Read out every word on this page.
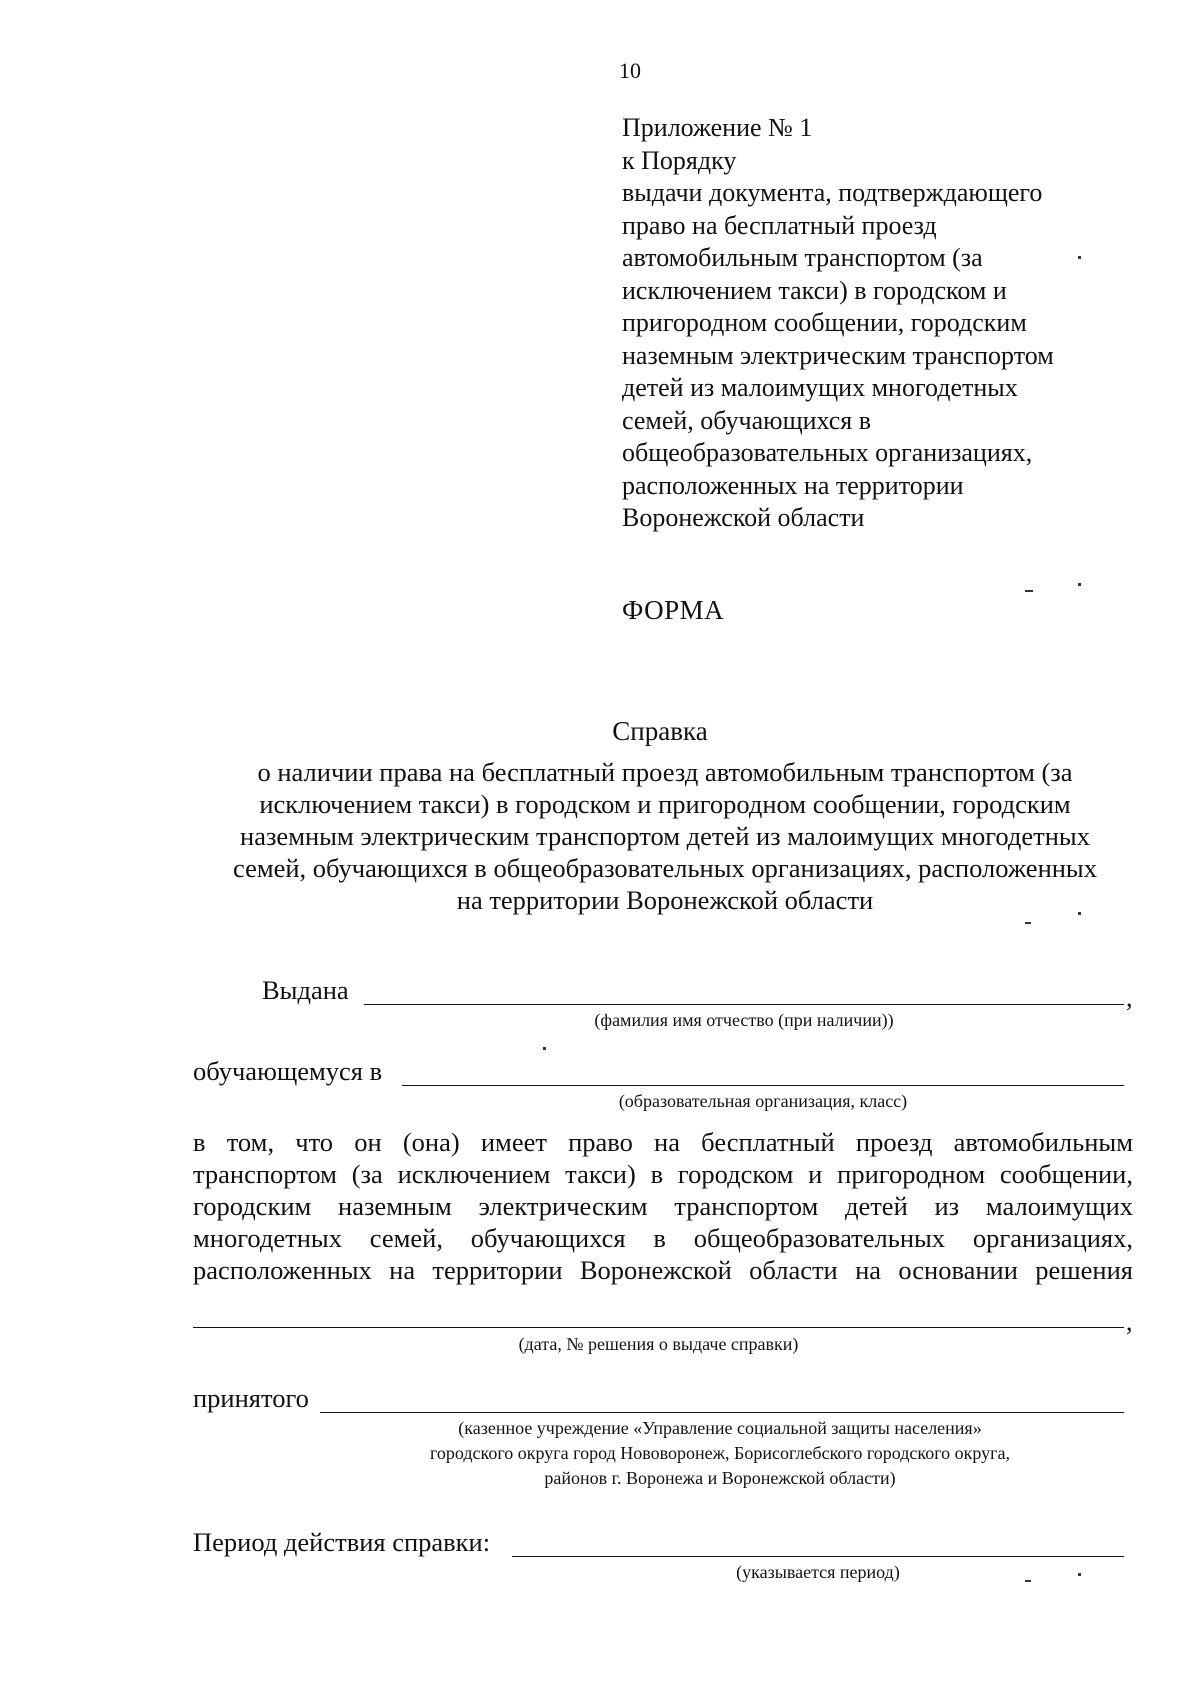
10
Приложение № 1
к Порядку
выдачи документа, подтверждающего
право на бесплатный проезд
автомобильным транспортом (за
исключением такси) в городском и
пригородном сообщении, городским
наземным электрическим транспортом
детей из малоимущих многодетных
семей, обучающихся в
общеобразовательных организациях,
расположенных на территории
Воронежской области
ФОРМА
Справка
о наличии права на бесплатный проезд автомобильным транспортом (за
исключением такси) в городском и пригородном сообщении, городским
наземным электрическим транспортом детей из малоимущих многодетных
семей, обучающихся в общеобразовательных организациях, расположенных
на территории Воронежской области
Выдана	,
(фамилия имя отчество (при наличии))
обучающемуся в
(образовательная организация, класс)
в том, что он (она) имеет право на бесплатный проезд автомобильным
транспортом (за исключением такси) в городском и пригородном сообщении,
городским наземным электрическим транспортом детей из малоимущих
многодетных семей, обучающихся в общеобразовательных организациях,
расположенных на территории Воронежской области на основании решения
,
(дата, № решения о выдаче справки)
принятого
(казенное учреждение «Управление социальной защиты населения»
городского округа город Нововоронеж, Борисоглебского городского округа,
районов г. Воронежа и Воронежской области)
Период действия справки:
(указывается период)
